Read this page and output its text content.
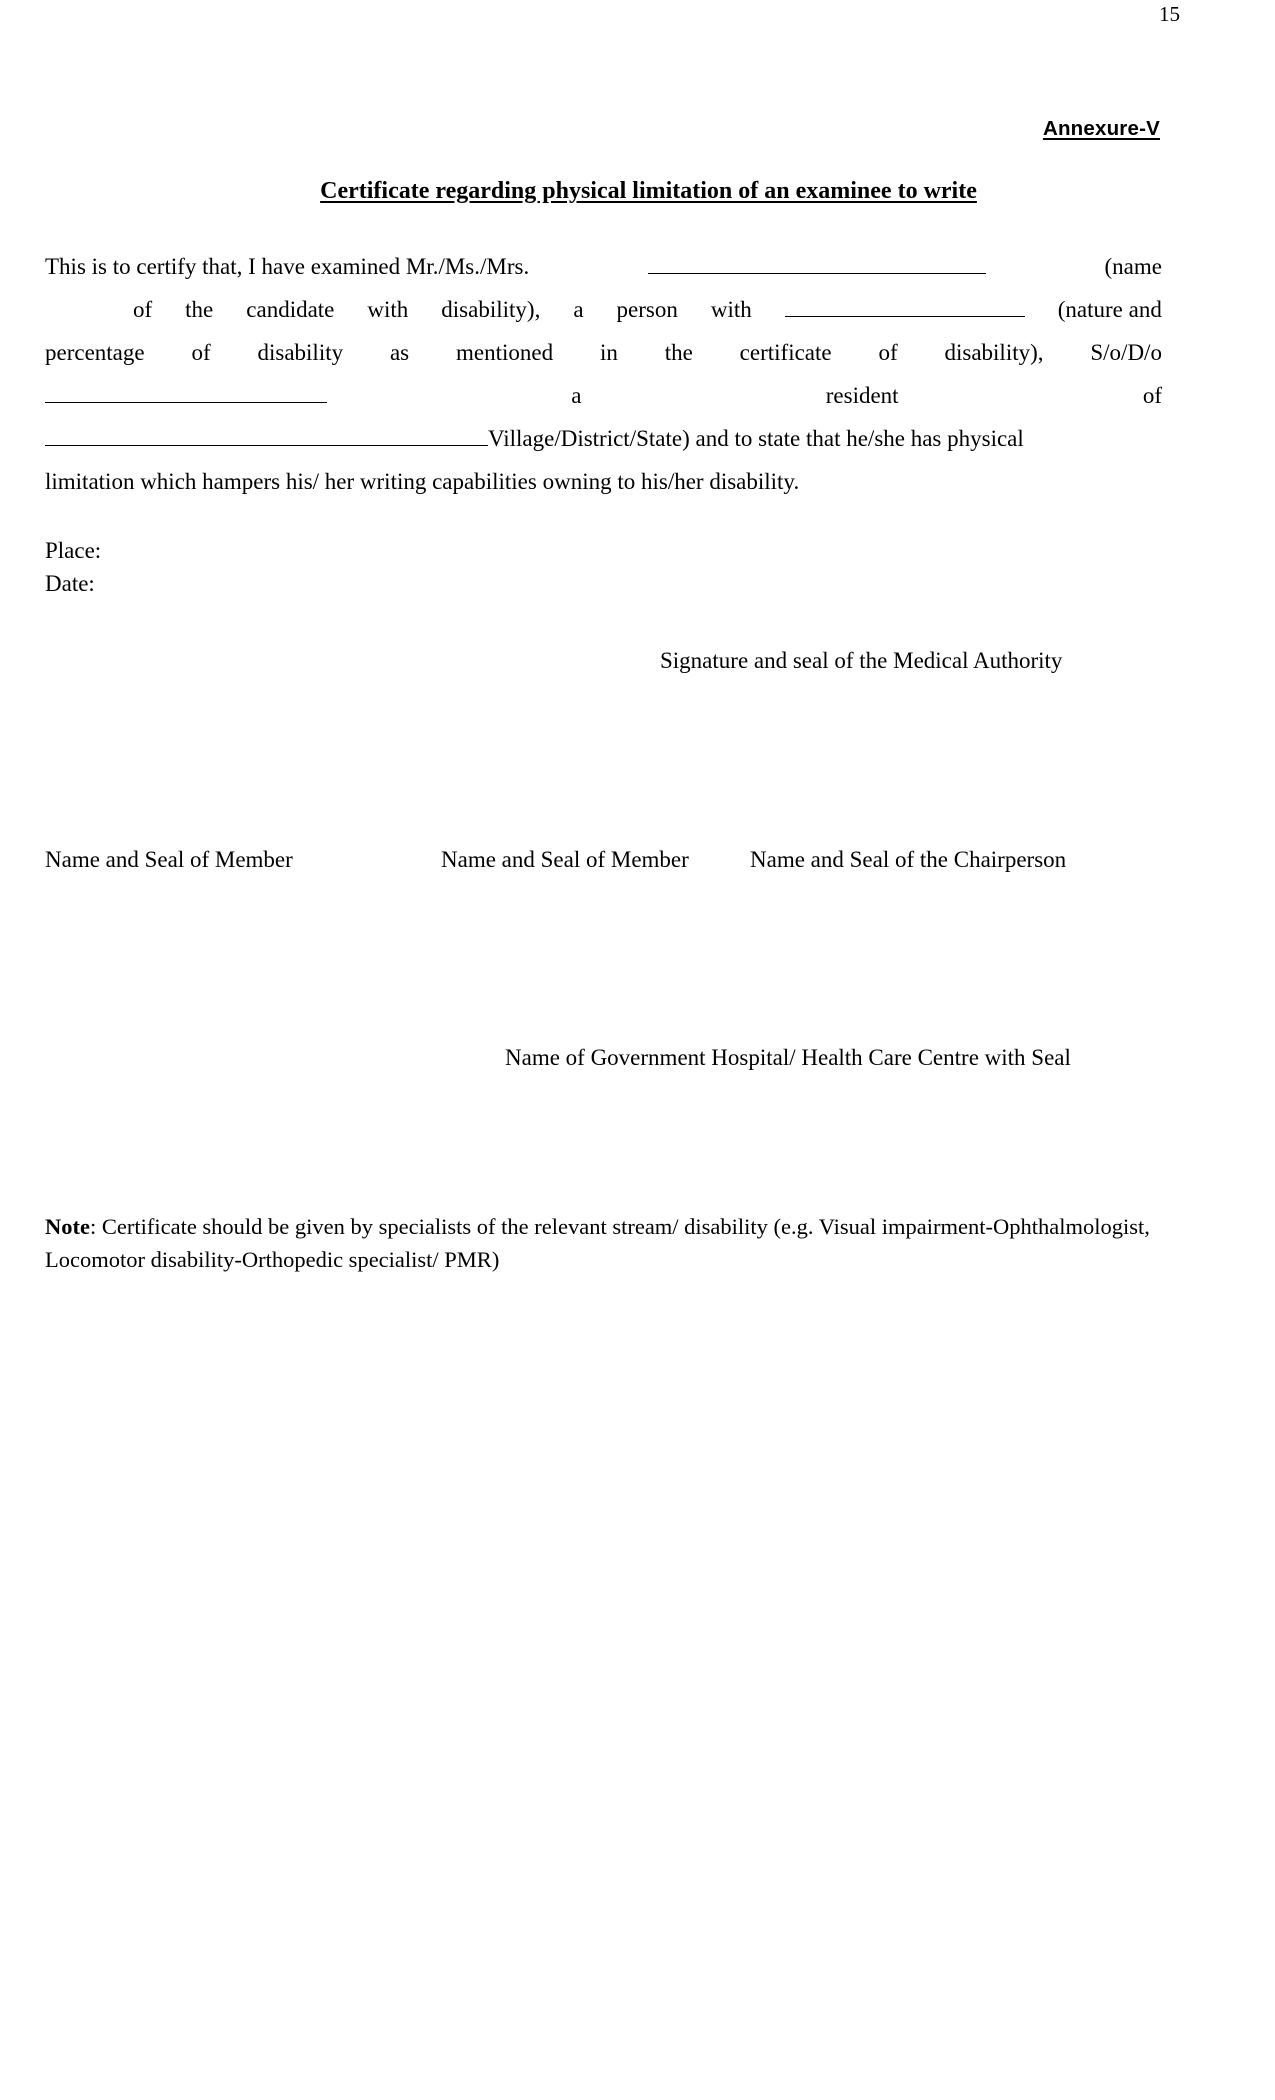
15
Annexure-V
Certificate regarding physical limitation of an examinee to write
This is to certify that, I have examined Mr./Ms./Mrs.	(name
of the candidate with disability), a person with	(nature and
percentage of disability as mentioned in the certificate of disability), S/o/D/o
a	resident	of
Village/District/State) and to state that he/she has physical
limitation which hampers his/ her writing capabilities owning to his/her disability.
Place:
Date:
Signature and seal of the Medical Authority
Name and Seal of Member	Name and Seal of Member	Name and Seal of the Chairperson
Name of Government Hospital/ Health Care Centre with Seal
Note: Certificate should be given by specialists of the relevant stream/ disability (e.g. Visual impairment-Ophthalmologist, Locomotor disability-Orthopedic specialist/ PMR)
